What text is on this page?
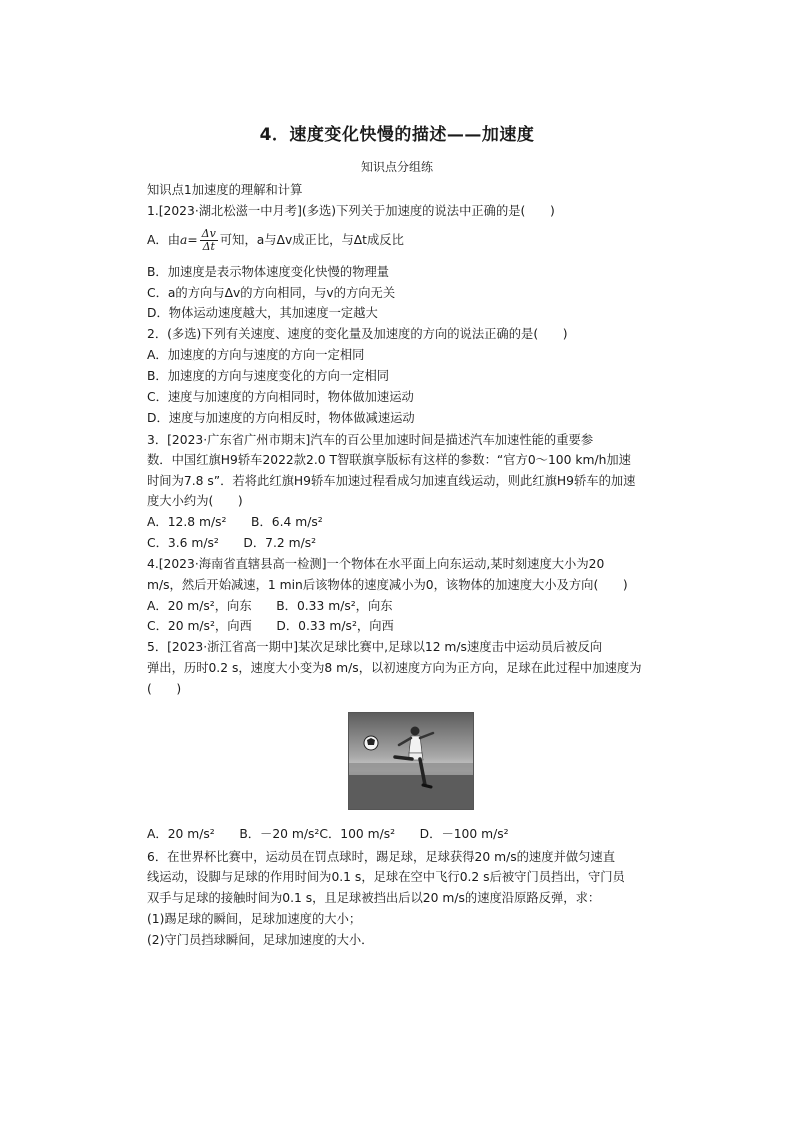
4．速度变化快慢的描述——加速度
知识点分组练
知识点1加速度的理解和计算
1.[2023·湖北松滋一中月考](多选)下列关于加速度的说法中正确的是(　　)
A．由$a= \frac{\Delta v}{\Delta t}$ 可知，a与Δv成正比，与Δt成反比
B．加速度是表示物体速度变化快慢的物理量
C．a的方向与Δv的方向相同，与v的方向无关
D．物体运动速度越大，其加速度一定越大
2．(多选)下列有关速度、速度的变化量及加速度的方向的说法正确的是(　　)
A．加速度的方向与速度的方向一定相同
B．加速度的方向与速度变化的方向一定相同
C．速度与加速度的方向相同时，物体做加速运动
D．速度与加速度的方向相反时，物体做减速运动
3．[2023·广东省广州市期末]汽车的百公里加速时间是描述汽车加速性能的重要参
数．中国红旗H9轿车2022款2.0 T智联旗享版标有这样的参数：“官方0～100 km/h加速
时间为7.8 s”．若将此红旗H9轿车加速过程看成匀加速直线运动，则此红旗H9轿车的加速
度大小约为(　　)
A．12.8 m/s²　　B．6.4 m/s²
C．3.6 m/s²　　D．7.2 m/s²
4.[2023·海南省直辖县高一检测]一个物体在水平面上向东运动,某时刻速度大小为20
m/s，然后开始减速，1 min后该物体的速度减小为0，该物体的加速度大小及方向(　　)
A．20 m/s²，向东　　B．0.33 m/s²，向东
C．20 m/s²，向西　　D．0.33 m/s²，向西
5．[2023·浙江省高一期中]某次足球比赛中,足球以12 m/s速度击中运动员后被反向
弹出，历时0.2 s，速度大小变为8 m/s，以初速度方向为正方向，足球在此过程中加速度为
(　　)
A．20 m/s²　　B．－20 m/s²C．100 m/s²　　D．－100 m/s²
6．在世界杯比赛中，运动员在罚点球时，踢足球，足球获得20 m/s的速度并做匀速直
线运动，设脚与足球的作用时间为0.1 s，足球在空中飞行0.2 s后被守门员挡出，守门员
双手与足球的接触时间为0.1 s，且足球被挡出后以20 m/s的速度沿原路反弹，求：
(1)踢足球的瞬间，足球加速度的大小；
(2)守门员挡球瞬间，足球加速度的大小．
